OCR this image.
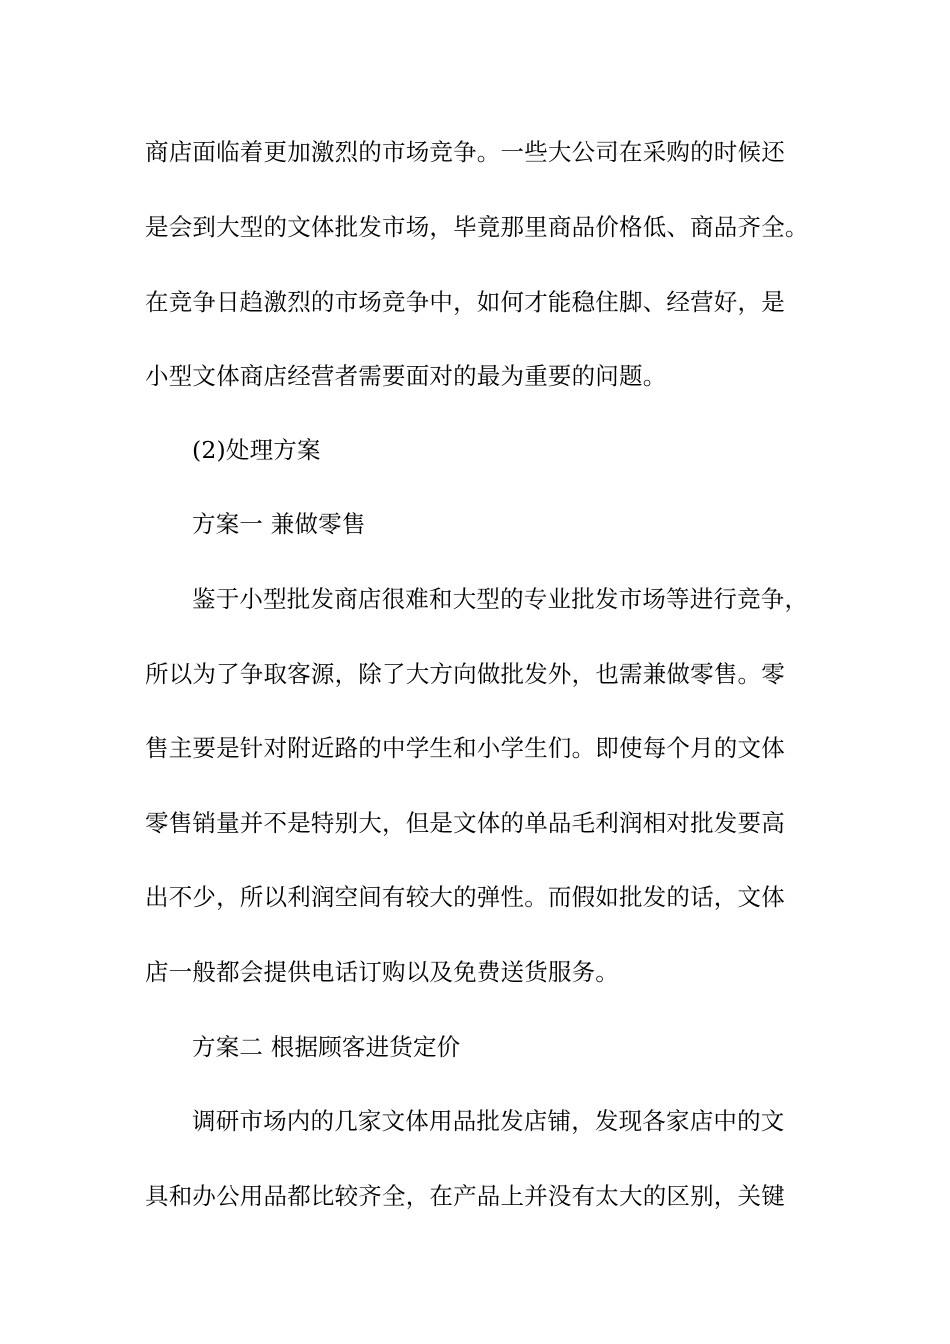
商店面临着更加激烈的市场竞争。一些大公司在采购的时候还
是会到大型的文体批发市场，毕竟那里商品价格低、商品齐全。
在竞争日趋激烈的市场竞争中，如何才能稳住脚、经营好，是
小型文体商店经营者需要面对的最为重要的问题。
(2)处理方案
方案一 兼做零售
鉴于小型批发商店很难和大型的专业批发市场等进行竞争，
所以为了争取客源，除了大方向做批发外，也需兼做零售。零
售主要是针对附近路的中学生和小学生们。即使每个月的文体
零售销量并不是特别大，但是文体的单品毛利润相对批发要高
出不少，所以利润空间有较大的弹性。而假如批发的话，文体
店一般都会提供电话订购以及免费送货服务。
方案二 根据顾客进货定价
调研市场内的几家文体用品批发店铺，发现各家店中的文
具和办公用品都比较齐全，在产品上并没有太大的区别，关键
